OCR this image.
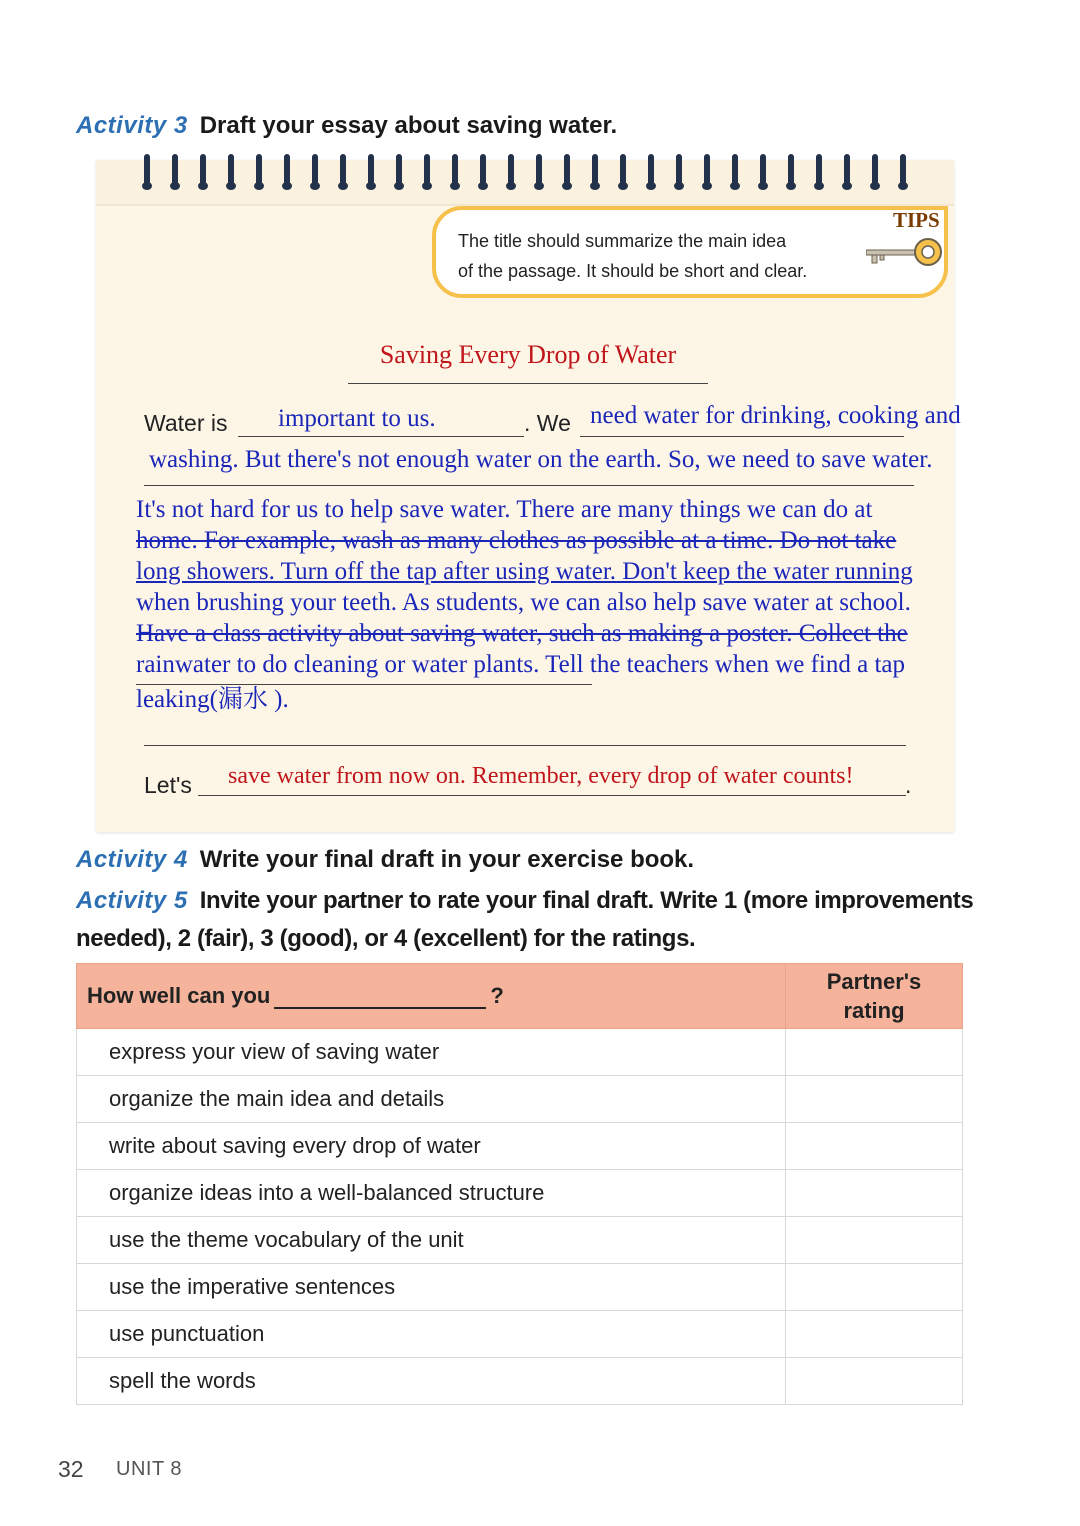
Activity 3 Draft your essay about saving water.
TIPS
The title should summarize the main idea
of the passage. It should be short and clear.
Saving Every Drop of Water
Water is important to us.	. We need water for drinking, cooking and
washing. But there's not enough water on the earth. So, we need to save water.
It's not hard for us to help save water. There are many things we can do at
home. For example, wash as many clothes as possible at a time. Do not take
long showers. Turn off the tap after using water. Don't keep the water running
when brushing your teeth. As students, we can also help save water at school.
Have a class activity about saving water, such as making a poster. Collect the
rainwater to do cleaning or water plants. Tell the teachers when we find a tap
leaking(漏水 ).
Let's save water from now on. Remember, every drop of water counts! .
Activity 4 Write your final draft in your exercise book.
Activity 5 Invite your partner to rate your final draft. Write 1 (more improvements
needed), 2 (fair), 3 (good), or 4 (excellent) for the ratings.
How well can you ?	Partner's
rating

express your view of saving water	
organize the main idea and details	
write about saving every drop of water	
organize ideas into a well-balanced structure	
use the theme vocabulary of the unit	
use the imperative sentences	
use punctuation	
spell the words	
32 UNIT 8
